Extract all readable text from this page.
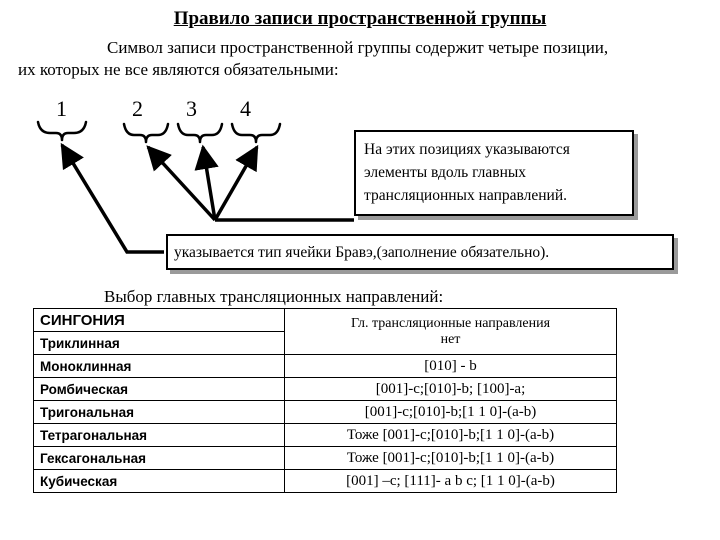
Правило записи пространственной группы
Символ записи пространственной группы содержит четыре позиции,
их которых не все являются обязательными:
1	2 3 4
На этих позициях указываются
элементы вдоль главных
трансляционных направлений.
указывается тип ячейки Бравэ,(заполнение обязательно).
Выбор главных трансляционных направлений:
СИНГОНИЯ	Гл. трансляционные направления
нет

Триклинная	
Моноклинная	[010] - b
Ромбическая	[001]-c;[010]-b; [100]-a;
Тригональная	[001]-c;[010]-b;[1 1 0]-(a-b)
Тетрагональная	Тоже [001]-c;[010]-b;[1 1 0]-(a-b)
Гексагональная	Тоже [001]-c;[010]-b;[1 1 0]-(a-b)
Кубическая	[001] –c; [111]- a b c; [1 1 0]-(a-b)
